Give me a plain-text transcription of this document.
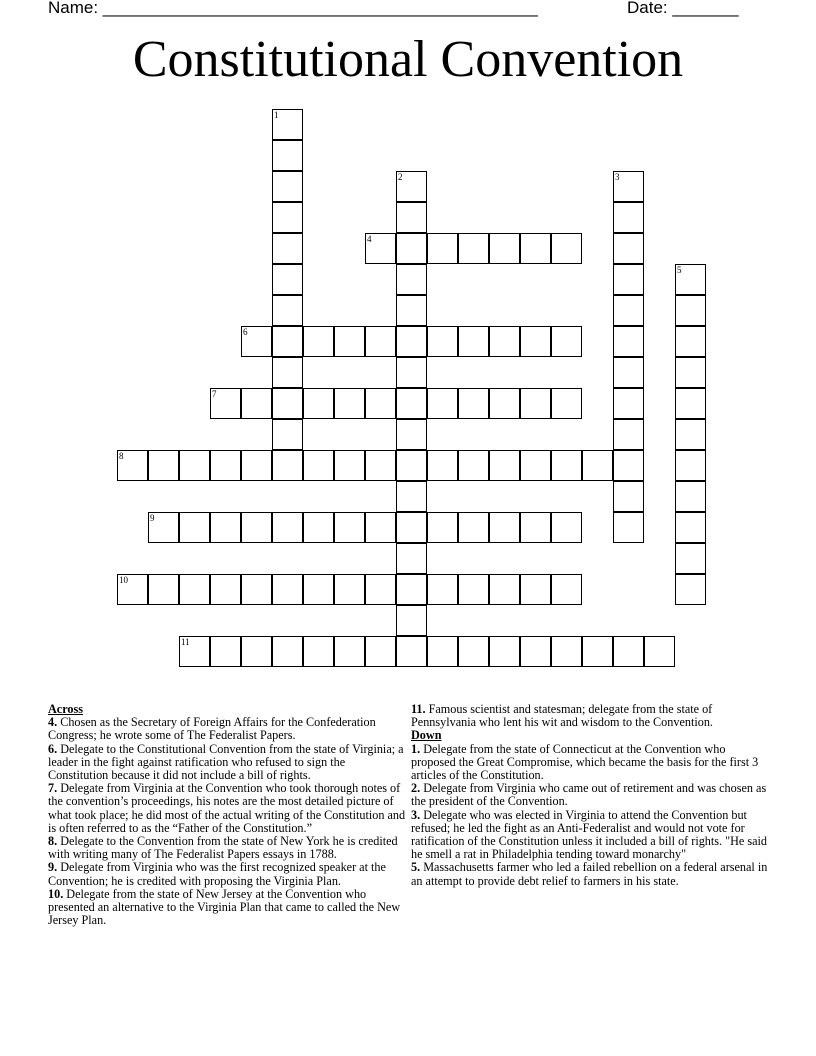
Name: ______________________________________________	Date: _______
Constitutional Convention
1
2	3
4
5
6
7
8
9
10
11
Across

4. Chosen as the Secretary of Foreign Affairs for the Confederation Congress; he wrote some of The Federalist Papers.

6. Delegate to the Constitutional Convention from the state of Virginia; a leader in the fight against ratification who refused to sign the Constitution because it did not include a bill of rights.

7. Delegate from Virginia at the Convention who took thorough notes of the convention’s proceedings, his notes are the most detailed picture of what took place; he did most of the actual writing of the Constitution and is often referred to as the “Father of the Constitution.”

8. Delegate to the Convention from the state of New York he is credited with writing many of The Federalist Papers essays in 1788.

9. Delegate from Virginia who was the first recognized speaker at the Convention; he is credited with proposing the Virginia Plan.

10. Delegate from the state of New Jersey at the Convention who presented an alternative to the Virginia Plan that came to called the New Jersey Plan.

11. Famous scientist and statesman; delegate from the state of Pennsylvania who lent his wit and wisdom to the Convention.

Down

1. Delegate from the state of Connecticut at the Convention who proposed the Great Compromise, which became the basis for the first 3 articles of the Constitution.

2. Delegate from Virginia who came out of retirement and was chosen as the president of the Convention.

3. Delegate who was elected in Virginia to attend the Convention but refused; he led the fight as an Anti-Federalist and would not vote for ratification of the Constitution unless it included a bill of rights. "He said he smell a rat in Philadelphia tending toward monarchy"

5. Massachusetts farmer who led a failed rebellion on a federal arsenal in an attempt to provide debt relief to farmers in his state.
